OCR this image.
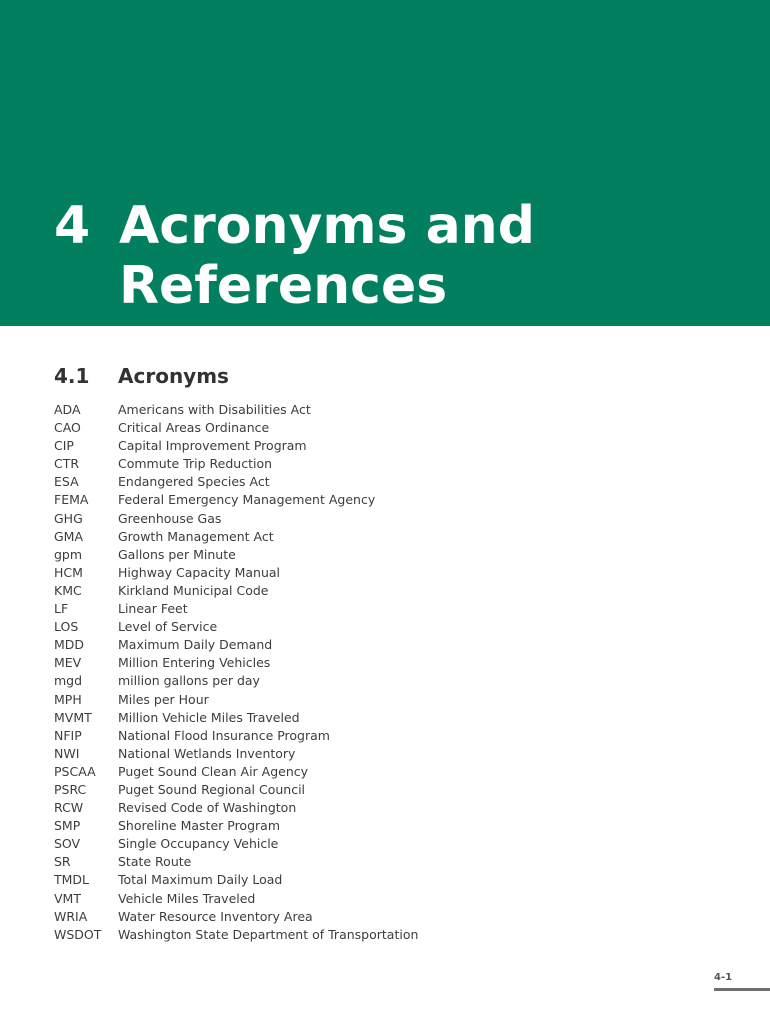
4 Acronyms and
References
4.1 Acronyms
ADA	Americans with Disabilities Act
CAO	Critical Areas Ordinance
CIP	Capital Improvement Program
CTR	Commute Trip Reduction
ESA	Endangered Species Act
FEMA	Federal Emergency Management Agency
GHG	Greenhouse Gas
GMA	Growth Management Act
gpm	Gallons per Minute
HCM	Highway Capacity Manual
KMC	Kirkland Municipal Code
LF	Linear Feet
LOS	Level of Service
MDD	Maximum Daily Demand
MEV	Million Entering Vehicles
mgd	million gallons per day
MPH	Miles per Hour
MVMT	Million Vehicle Miles Traveled
NFIP	National Flood Insurance Program
NWI	National Wetlands Inventory
PSCAA	Puget Sound Clean Air Agency
PSRC	Puget Sound Regional Council
RCW	Revised Code of Washington
SMP	Shoreline Master Program
SOV	Single Occupancy Vehicle
SR	State Route
TMDL	Total Maximum Daily Load
VMT	Vehicle Miles Traveled
WRIA	Water Resource Inventory Area
WSDOT	Washington State Department of Transportation
4-1
